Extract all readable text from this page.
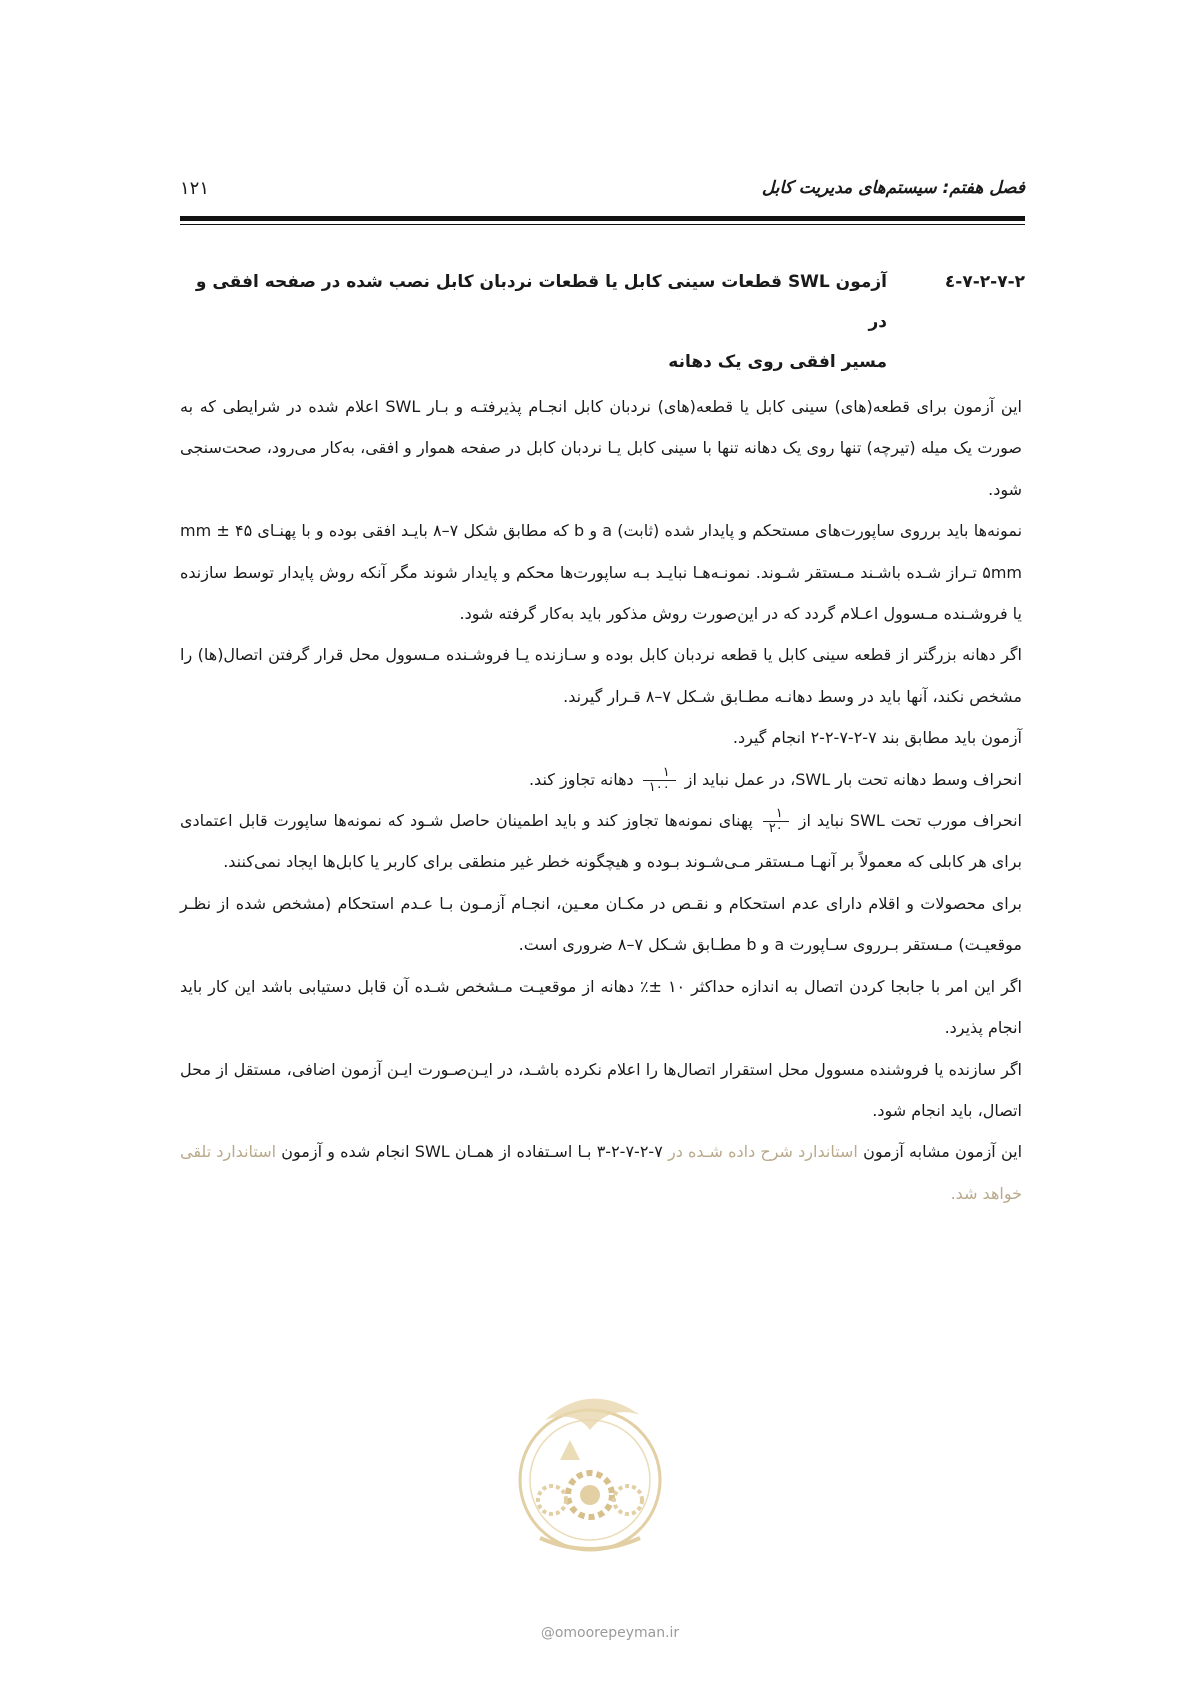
۱۲۱	فصل هفتم: سیستم‌های مدیریت کابل
۷-۲-۷-۲-٤
آزمون SWL قطعات سینی کابل یا قطعات نردبان کابل نصب شده در صفحه افقی و در
مسیر افقی روی یک دهانه

این آزمون برای قطعه(های) سینی کابل یا قطعه(های) نردبان کابل انجـام پذیرفتـه و بـار SWL اعلام شده در شرایطی که به صورت یک میله (تیرچه) تنها روی یک دهانه تنها با سینی کابل یـا نردبان کابل در صفحه هموار و افقی، به‌کار می‌رود، صحت‌سنجی شود.

نمونه‌ها باید برروی ساپورت‌های مستحکم و پایدار شده (ثابت) a و b که مطابق شکل ۷–۸ بایـد افقی بوده و با پهنـای ۴۵ mm ± ۵mm تـراز شـده باشـند مـستقر شـوند. نمونـه‌هـا نبایـد بـه ساپورت‌ها محکم و پایدار شوند مگر آنکه روش پایدار توسط سازنده یا فروشـنده مـسوول اعـلام گردد که در این‌صورت روش مذکور باید به‌کار گرفته شود.

اگر دهانه بزرگتر از قطعه سینی کابل یا قطعه نردبان کابل بوده و سـازنده یـا فروشـنده مـسوول محل قرار گرفتن اتصال(ها) را مشخص نکند، آنها باید در وسط دهانـه مطـابق شـکل ۷–۸ قـرار گیرند.

آزمون باید مطابق بند ۷-۲-۷-۲-۲ انجام گیرد.

انحراف وسط دهانه تحت بار SWL، در عمل نباید از
$\frac{۱}{۱۰۰}$
دهانه تجاوز کند.

انحراف مورب تحت SWL نباید از
$\frac{۱}{۲۰}$
پهنای نمونه‌ها تجاوز کند و باید اطمینان حاصل شـود که نمونه‌ها ساپورت قابل اعتمادی برای هر کابلی که معمولاً بر آنهـا مـستقر مـی‌شـوند بـوده و هیچگونه خطر غیر منطقی برای کاربر یا کابل‌ها ایجاد نمی‌کنند.

برای محصولات و اقلام دارای عدم استحکام و نقـص در مکـان معـین، انجـام آزمـون بـا عـدم استحکام (مشخص شده از نظـر موقعیـت) مـستقر بـرروی سـاپورت a و b مطـابق شـکل ۷–۸ ضروری است.

اگر این امر با جابجا کردن اتصال به اندازه حداکثر ۱۰ ±٪ دهانه از موقعیـت مـشخص شـده آن قابل دستیابی باشد این کار باید انجام پذیرد.

اگر سازنده یا فروشنده مسوول محل استقرار اتصال‌ها را اعلام نکرده باشـد، در ایـن‌صـورت ایـن آزمون اضافی، مستقل از محل اتصال، باید انجام شود.

این آزمون مشابه آزمون استاندارد شرح داده شـده در ۷-۲-۷-۲-۳ بـا اسـتفاده از همـان SWL انجام شده و آزمون استاندارد تلقی خواهد شد.

@omoorepeyman.ir
